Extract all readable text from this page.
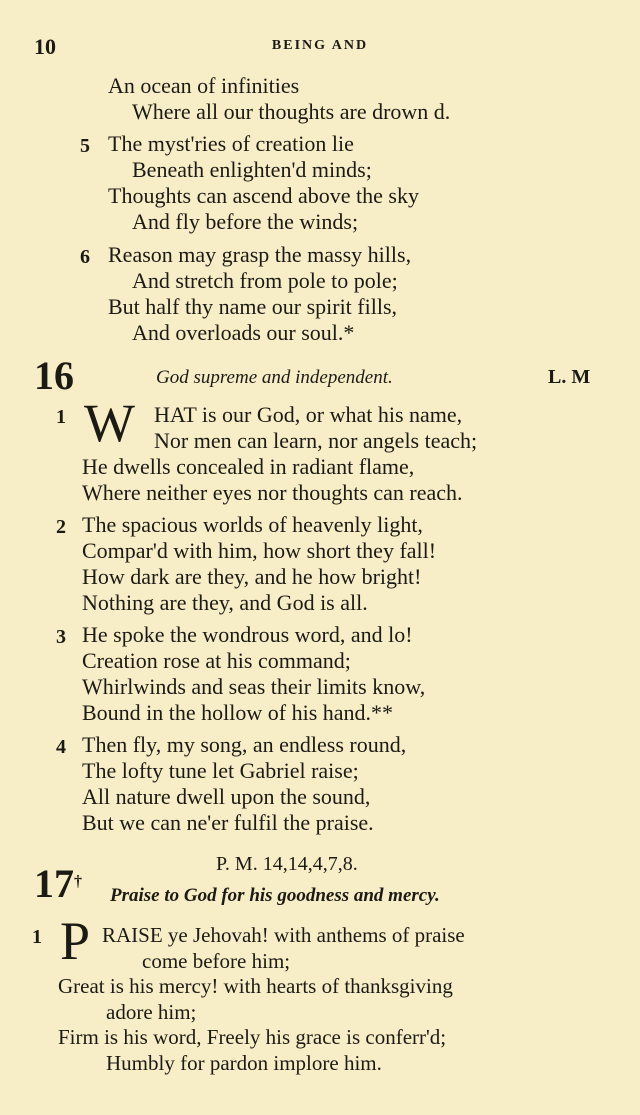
10	BEING AND
An ocean of infinities
Where all our thoughts are drown d.
5 The myst'ries of creation lie
Beneath enlighten'd minds;
Thoughts can ascend above the sky
And fly before the winds;
6 Reason may grasp the massy hills,
And stretch from pole to pole;
But half thy name our spirit fills,
And overloads our soul.*
16	God supreme and independent.	L. M
1 W HAT is our God, or what his name,
Nor men can learn, nor angels teach;
He dwells concealed in radiant flame,
Where neither eyes nor thoughts can reach.
2 The spacious worlds of heavenly light,
Compar'd with him, how short they fall!
How dark are they, and he how bright!
Nothing are they, and God is all.
3 He spoke the wondrous word, and lo!
Creation rose at his command;
Whirlwinds and seas their limits know,
Bound in the hollow of his hand.**
4 Then fly, my song, an endless round,
The lofty tune let Gabriel raise;
All nature dwell upon the sound,
But we can ne'er fulfil the praise.
17†
P. M. 14,14,4,7,8.
Praise to God for his goodness and mercy.
1 P RAISE ye Jehovah! with anthems of praise
come before him;
Great is his mercy! with hearts of thanksgiving
adore him;
Firm is his word, Freely his grace is conferr'd;
Humbly for pardon implore him.
